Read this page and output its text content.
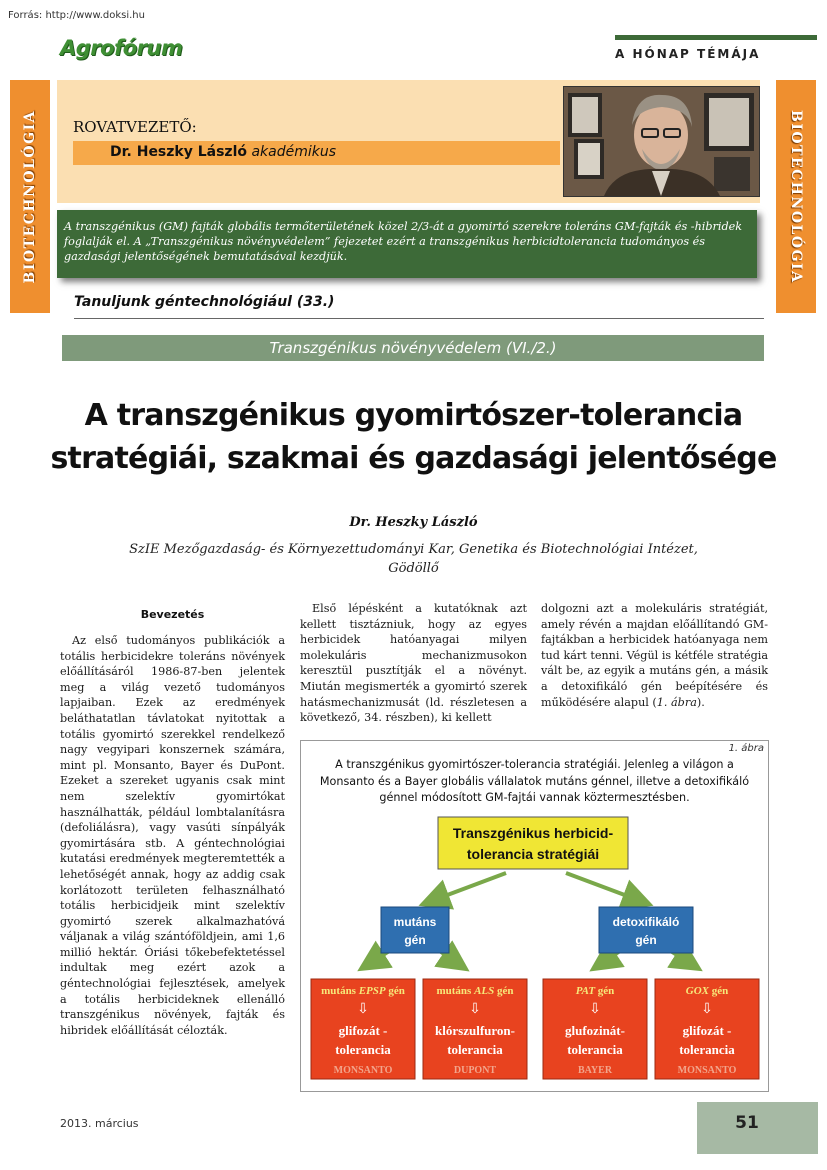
Forrás: http://www.doksi.hu
Agrofórum	A HÓNAP TÉMÁJA
BIOTECHNOLÓGIA	BIOTECHNOLÓGIA
ROVATVEZETŐ:
Dr. Heszky László akadémikus
A transzgénikus (GM) fajták globális termőterületének közel 2/3-át a gyomirtó szerekre toleráns GM-fajták és -hibridek foglalják el. A „Transzgénikus növényvédelem” fejezetet ezért a transzgénikus herbicidtolerancia tudományos és gazdasági jelentőségének bemutatásával kezdjük.
Tanuljunk géntechnológiául (33.)
Transzgénikus növényvédelem (VI./2.)
A transzgénikus gyomirtószer-tolerancia
stratégiái, szakmai és gazdasági jelentősége
Dr. Heszky László
SzIE Mezőgazdaság- és Környezettudományi Kar, Genetika és Biotechnológiai Intézet,
Gödöllő
Bevezetés

Az első tudományos publikációk a totális herbicidekre toleráns növények előállításáról 1986-87-ben jelentek meg a világ vezető tudományos lapjaiban. Ezek az eredmények beláthatatlan távlatokat nyitottak a totális gyomirtó szerekkel rendelkező nagy vegyipari konszernek számára, mint pl. Monsanto, Bayer és DuPont. Ezeket a szereket ugyanis csak mint nem szelektív gyomirtókat használhatták, például lombtalanításra (defoliálásra), vagy vasúti sínpályák gyomirtására stb. A géntechnológiai kutatási eredmények megteremtették a lehetőségét annak, hogy az addig csak korlátozott területen felhasználható totális herbicidjeik mint szelektív gyomirtó szerek alkalmazhatóvá váljanak a világ szántóföldjein, ami 1,6 millió hektár. Óriási tőkebefektetéssel indultak meg ezért azok a géntechnológiai fejlesztések, amelyek a totális herbicideknek ellenálló transzgénikus növények, fajták és hibridek előállítását célozták.

Első lépésként a kutatóknak azt kellett tisztázniuk, hogy az egyes herbicidek hatóanyagai milyen molekuláris mechanizmusokon keresztül pusztítják el a növényt. Miután megismerték a gyomirtó szerek hatásmechanizmusát (ld. részletesen a következő, 34. részben), ki kellett

dolgozni azt a molekuláris stratégiát, amely révén a majdan előállítandó GM-fajtákban a herbicidek hatóanyaga nem tud kárt tenni. Végül is kétféle stratégia vált be, az egyik a mutáns gén, a másik a detoxifikáló gén beépítésére és működésére alapul (1. ábra).

1. ábra
A transzgénikus gyomirtószer-tolerancia stratégiái. Jelenleg a világon a Monsanto és a Bayer globális vállalatok mutáns génnel, illetve a detoxifikáló génnel módosított GM-fajtái vannak köztermesztésben.
Transzgénikus herbicid-
tolerancia stratégiái
mutáns
gén
detoxifikáló
gén
mutáns EPSP gén
⇩
glifozát -
tolerancia
MONSANTO
mutáns ALS gén
⇩
klórszulfuron-
tolerancia
DUPONT
PAT gén
⇩
glufozinát-
tolerancia
BAYER
GOX gén
⇩
glifozát -
tolerancia
MONSANTO
2013. március	51
